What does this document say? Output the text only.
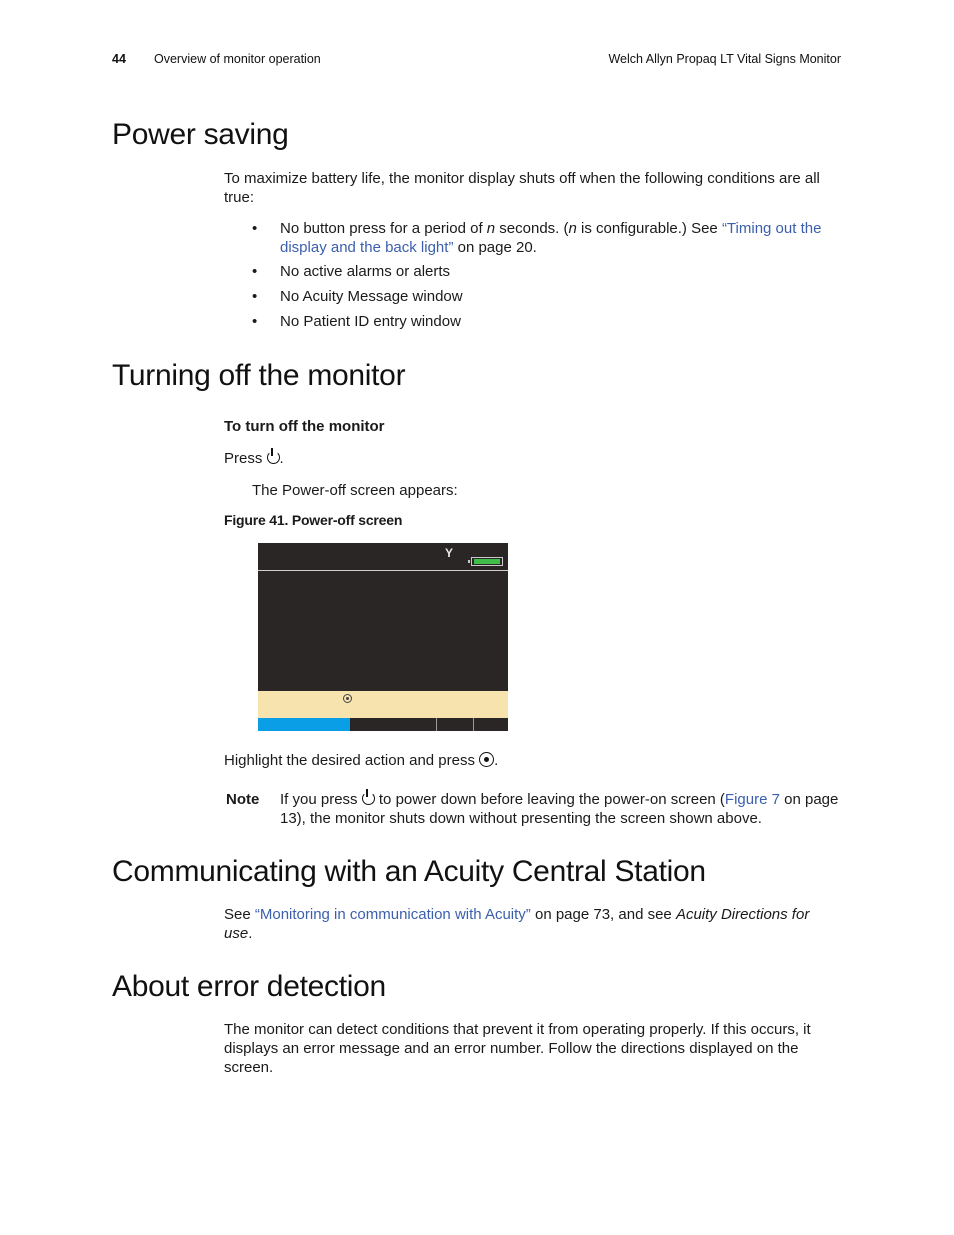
44 Overview of monitor operation	Welch Allyn Propaq LT Vital Signs Monitor
Power saving

To maximize battery life, the monitor display shuts off when the following conditions are all true:

• No button press for a period of n seconds. (n is configurable.) See “Timing out the display and the back light” on page 20.
• No active alarms or alerts
• No Acuity Message window
• No Patient ID entry window
Turning off the monitor
To turn off the monitor

Press .

The Power-off screen appears:

Figure 41. Power-off screen
Y

Highlight the desired action and press .

Note If you press  to power down before leaving the power-on screen (Figure 7 on page 13), the monitor shuts down without presenting the screen shown above.

Communicating with an Acuity Central Station

See “Monitoring in communication with Acuity” on page 73, and see Acuity Directions for use.

About error detection

The monitor can detect conditions that prevent it from operating properly. If this occurs, it displays an error message and an error number. Follow the directions displayed on the screen.
